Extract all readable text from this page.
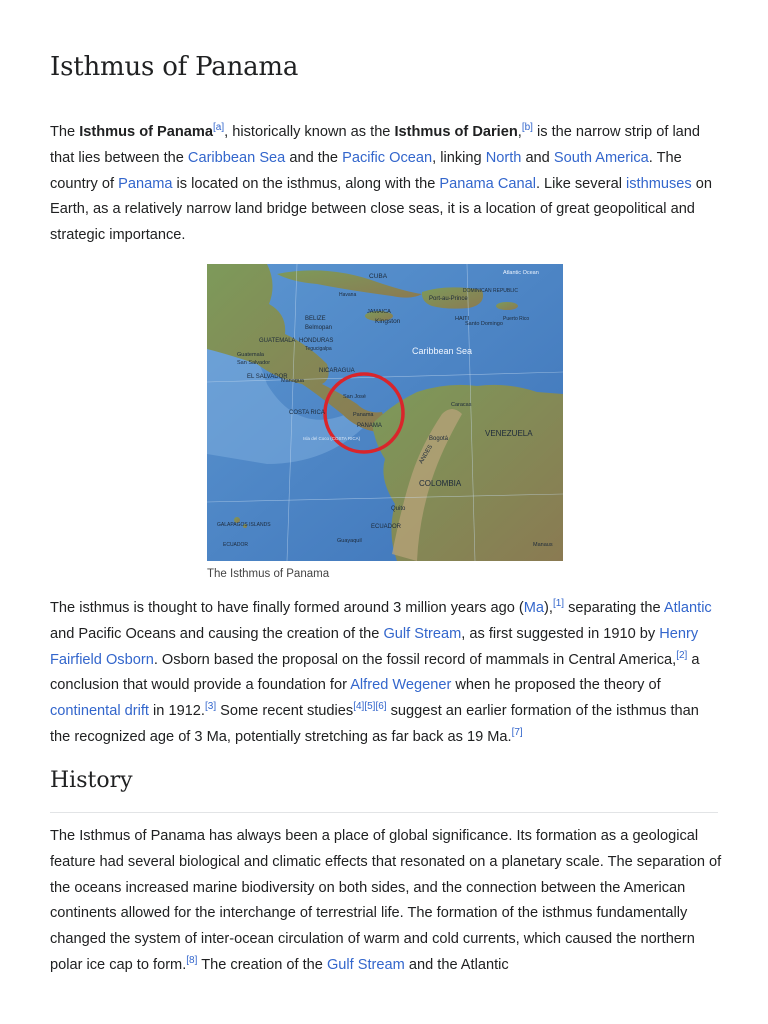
Isthmus of Panama

The Isthmus of Panama[a], historically known as the Isthmus of Darien,[b] is the narrow strip of land that lies between the Caribbean Sea and the Pacific Ocean, linking North and South America. The country of Panama is located on the isthmus, along with the Panama Canal. Like several isthmuses on Earth, as a relatively narrow land bridge between close seas, it is a location of great geopolitical and strategic importance.

CUBA
Havana
Port-au-Prince
DOMINICAN REPUBLIC
HAITI
Santo Domingo
JAMAICA
Kingston	Puerto Rico
BELIZE
Belmopan
GUATEMALA HONDURAS
Tegucigalpa
Guatemala
San Salvador
EL SALVADOR
NICARAGUA
Managua
Caribbean Sea
San José
COSTA RICA	Panama
PANAMA
VENEZUELA
Caracas
Bogotá
COLOMBIA
ANDES
Quito
ECUADOR
Guayaquil
GALAPAGOS ISLANDS
ECUADOR	Manaus
Atlantic Ocean
Isla del Coco (COSTA RICA)
The Isthmus of Panama

The isthmus is thought to have finally formed around 3 million years ago (Ma),[1] separating the Atlantic and Pacific Oceans and causing the creation of the Gulf Stream, as first suggested in 1910 by Henry Fairfield Osborn. Osborn based the proposal on the fossil record of mammals in Central America,[2] a conclusion that would provide a foundation for Alfred Wegener when he proposed the theory of continental drift in 1912.[3] Some recent studies[4][5][6] suggest an earlier formation of the isthmus than the recognized age of 3 Ma, potentially stretching as far back as 19 Ma.[7]

History

The Isthmus of Panama has always been a place of global significance. Its formation as a geological feature had several biological and climatic effects that resonated on a planetary scale. The separation of the oceans increased marine biodiversity on both sides, and the connection between the American continents allowed for the interchange of terrestrial life. The formation of the isthmus fundamentally changed the system of inter-ocean circulation of warm and cold currents, which caused the northern polar ice cap to form.[8] The creation of the Gulf Stream and the Atlantic
